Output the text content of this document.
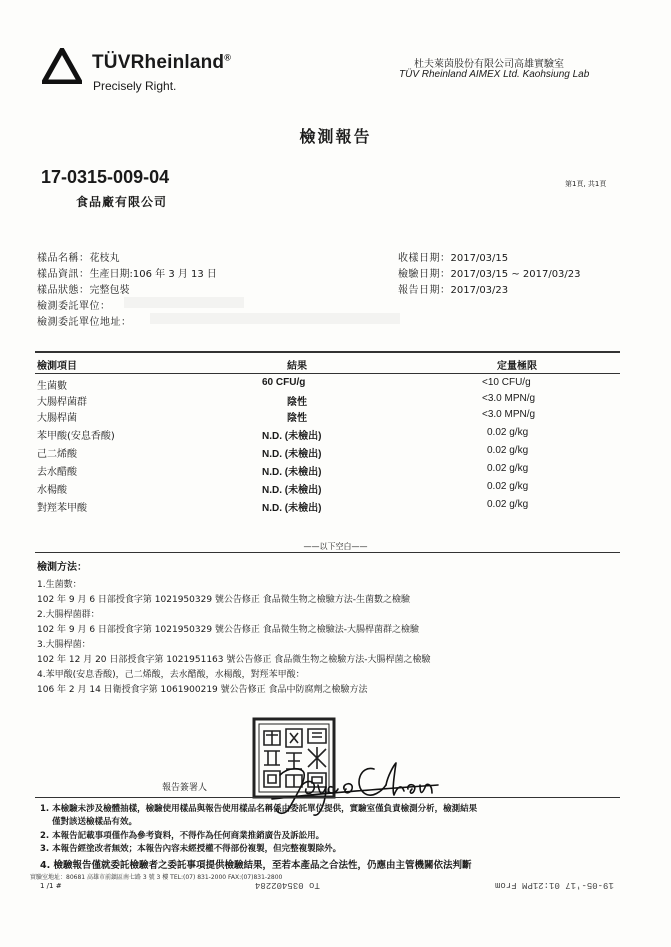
TÜVRheinland®
Precisely Right.
杜夫萊茵股份有限公司高雄實驗室
TÜV Rheinland AIMEX Ltd. Kaohsiung Lab
檢測報告
17-0315-009-04
食品廠有限公司
第1頁, 共1頁
樣品名稱：花枝丸
樣品資訊：生產日期:106 年 3 月 13 日
樣品狀態：完整包裝
檢測委託單位：
檢測委託單位地址：
收樣日期：2017/03/15
檢驗日期：2017/03/15 ~ 2017/03/23
報告日期：2017/03/23
檢測項目	結果	定量極限
生菌數	60 CFU/g	<10 CFU/g
大腸桿菌群	陰性	<3.0 MPN/g
大腸桿菌	陰性	<3.0 MPN/g
苯甲酸(安息香酸)	N.D. (未檢出)	0.02 g/kg
己二烯酸	N.D. (未檢出)	0.02 g/kg
去水醋酸	N.D. (未檢出)	0.02 g/kg
水楊酸	N.D. (未檢出)	0.02 g/kg
對羥苯甲酸	N.D. (未檢出)	0.02 g/kg
——以下空白——
檢測方法：
1.生菌數：
102 年 9 月 6 日部授食字第 1021950329 號公告修正 食品微生物之檢驗方法-生菌數之檢驗
2.大腸桿菌群：
102 年 9 月 6 日部授食字第 1021950329 號公告修正 食品微生物之檢驗法-大腸桿菌群之檢驗
3.大腸桿菌：
102 年 12 月 20 日部授食字第 1021951163 號公告修正 食品微生物之檢驗方法-大腸桿菌之檢驗
4.苯甲酸(安息香酸)，己二烯酸，去水醋酸，水楊酸，對羥苯甲酸：
106 年 2 月 14 日衛授食字第 1061900219 號公告修正 食品中防腐劑之檢驗方法
報告簽署人
1. 本檢驗未涉及檢體抽樣，檢驗使用樣品與報告使用樣品名稱係由委託單位提供，實驗室僅負責檢測分析，檢測結果
僅對該送檢樣品有效。
2. 本報告記載事項僅作為參考資料，不得作為任何商業推銷廣告及訴訟用。
3. 本報告經塗改者無效；本報告內容未經授權不得部份複製，但完整複製除外。
4. 檢驗報告僅就委託檢驗者之委託事項提供檢驗結果，至若本產品之合法性，仍應由主管機關依法判斷
實驗室地址：80681 高雄市前鎮區南七路 3 號 3 樓 TEL:(07) 831-2000 FAX:(07)831-2800
1 /1 #	To 035402284	19-05-'17 01:21PM From
